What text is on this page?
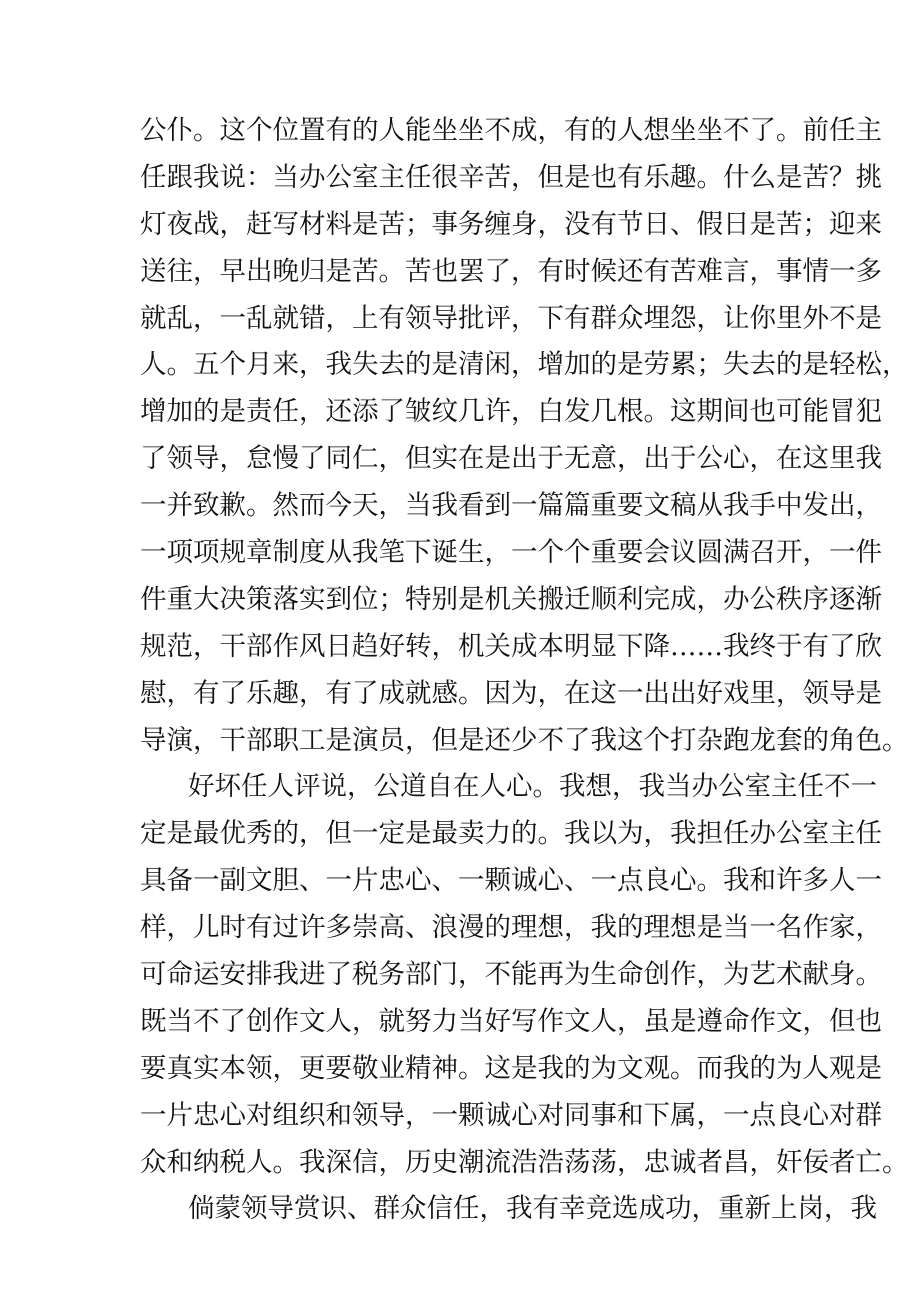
公仆。这个位置有的人能坐坐不成，有的人想坐坐不了。前任主
任跟我说：当办公室主任很辛苦，但是也有乐趣。什么是苦？挑
灯夜战，赶写材料是苦；事务缠身，没有节日、假日是苦；迎来
送往，早出晚归是苦。苦也罢了，有时候还有苦难言，事情一多
就乱，一乱就错，上有领导批评，下有群众埋怨，让你里外不是
人。五个月来，我失去的是清闲，增加的是劳累；失去的是轻松，
增加的是责任，还添了皱纹几许，白发几根。这期间也可能冒犯
了领导，怠慢了同仁，但实在是出于无意，出于公心，在这里我
一并致歉。然而今天，当我看到一篇篇重要文稿从我手中发出，
一项项规章制度从我笔下诞生，一个个重要会议圆满召开，一件
件重大决策落实到位；特别是机关搬迁顺利完成，办公秩序逐渐
规范，干部作风日趋好转，机关成本明显下降……我终于有了欣
慰，有了乐趣，有了成就感。因为，在这一出出好戏里，领导是
导演，干部职工是演员，但是还少不了我这个打杂跑龙套的角色。
好坏任人评说，公道自在人心。我想，我当办公室主任不一
定是最优秀的，但一定是最卖力的。我以为，我担任办公室主任
具备一副文胆、一片忠心、一颗诚心、一点良心。我和许多人一
样，儿时有过许多崇高、浪漫的理想，我的理想是当一名作家，
可命运安排我进了税务部门，不能再为生命创作，为艺术献身。
既当不了创作文人，就努力当好写作文人，虽是遵命作文，但也
要真实本领，更要敬业精神。这是我的为文观。而我的为人观是
一片忠心对组织和领导，一颗诚心对同事和下属，一点良心对群
众和纳税人。我深信，历史潮流浩浩荡荡，忠诚者昌，奸佞者亡。
倘蒙领导赏识、群众信任，我有幸竞选成功，重新上岗，我
